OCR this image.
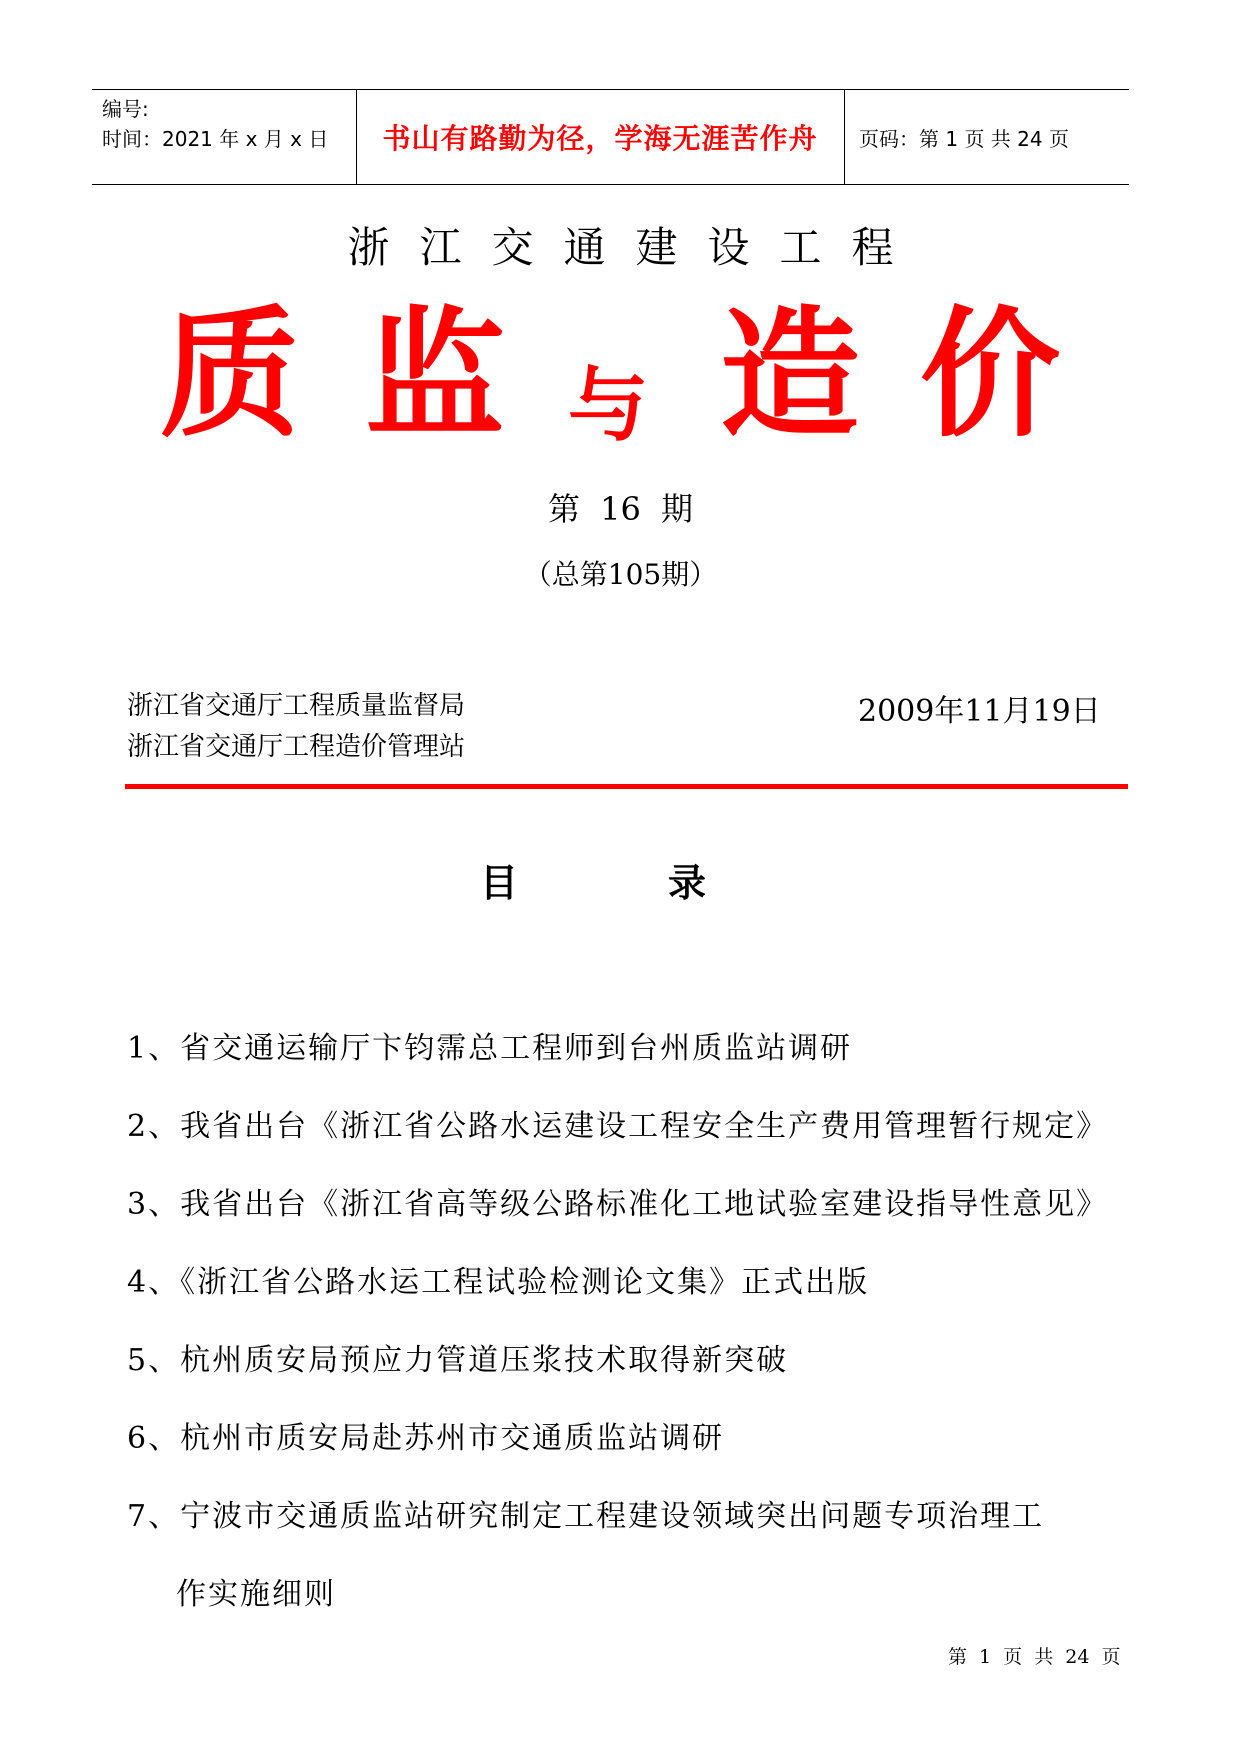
编号:
时间：2021 年 x 月 x 日	书山有路勤为径，学海无涯苦作舟	页码：第 1 页 共 24 页
浙江交通建设工程
质 监 与 造 价
第 16 期
（总第105期）
浙江省交通厅工程质量监督局
浙江省交通厅工程造价管理站
2009年11月19日
目录
1、省交通运输厅卞钧霈总工程师到台州质监站调研
2、我省出台《浙江省公路水运建设工程安全生产费用管理暂行规定》
3、我省出台《浙江省高等级公路标准化工地试验室建设指导性意见》
4、《浙江省公路水运工程试验检测论文集》正式出版
5、杭州质安局预应力管道压浆技术取得新突破
6、杭州市质安局赴苏州市交通质监站调研
7、宁波市交通质监站研究制定工程建设领域突出问题专项治理工
作实施细则
第 1 页 共 24 页
